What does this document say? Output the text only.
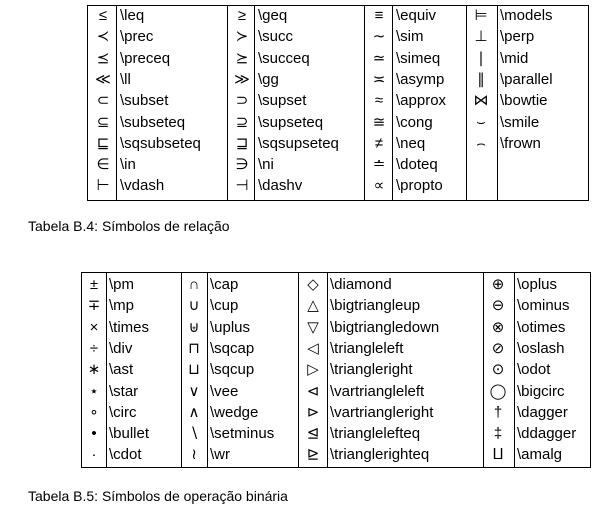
≤ \leq
≺ \prec
⪯ \preceq
≪ \ll
⊂ \subset
⊆ \subseteq
⊑ \sqsubseteq
∈ \in
⊢ \vdash
≥ \geq
≻ \succ
⪰ \succeq
≫ \gg
⊃ \supset
⊇ \supseteq
⊒ \sqsupseteq
∋ \ni
⊣ \dashv
≡ \equiv
∼ \sim
≃ \simeq
≍ \asymp
≈ \approx
≅ \cong
≠ \neq
≐ \doteq
∝ \propto
⊨ \models
⊥ \perp
∣	\mid
∥	\parallel
⋈ \bowtie
⌣ \smile
⌢ \frown
Tabela B.4: Símbolos de relação
± \pm
∓ \mp
× \times
÷ \div
∗ \ast
⋆ \star
∘ \circ
• \bullet
· \cdot
∩ \cap
∪ \cup
⊎ \uplus
⊓ \sqcap
⊔ \sqcup
∨ \vee
∧ \wedge
∖ \setminus
≀ \wr
◇ \diamond
△ \bigtriangleup
▽ \bigtriangledown
◁ \triangleleft
▷ \triangleright
⊲ \vartriangleleft
⊳ \vartriangleright
⊴ \trianglelefteq
⊵ \trianglerighteq
⊕ \oplus
⊖ \ominus
⊗ \otimes
⊘ \oslash
⊙ \odot
◯ \bigcirc
† \dagger
‡ \ddagger
⨿ \amalg
Tabela B.5: Símbolos de operação binária
